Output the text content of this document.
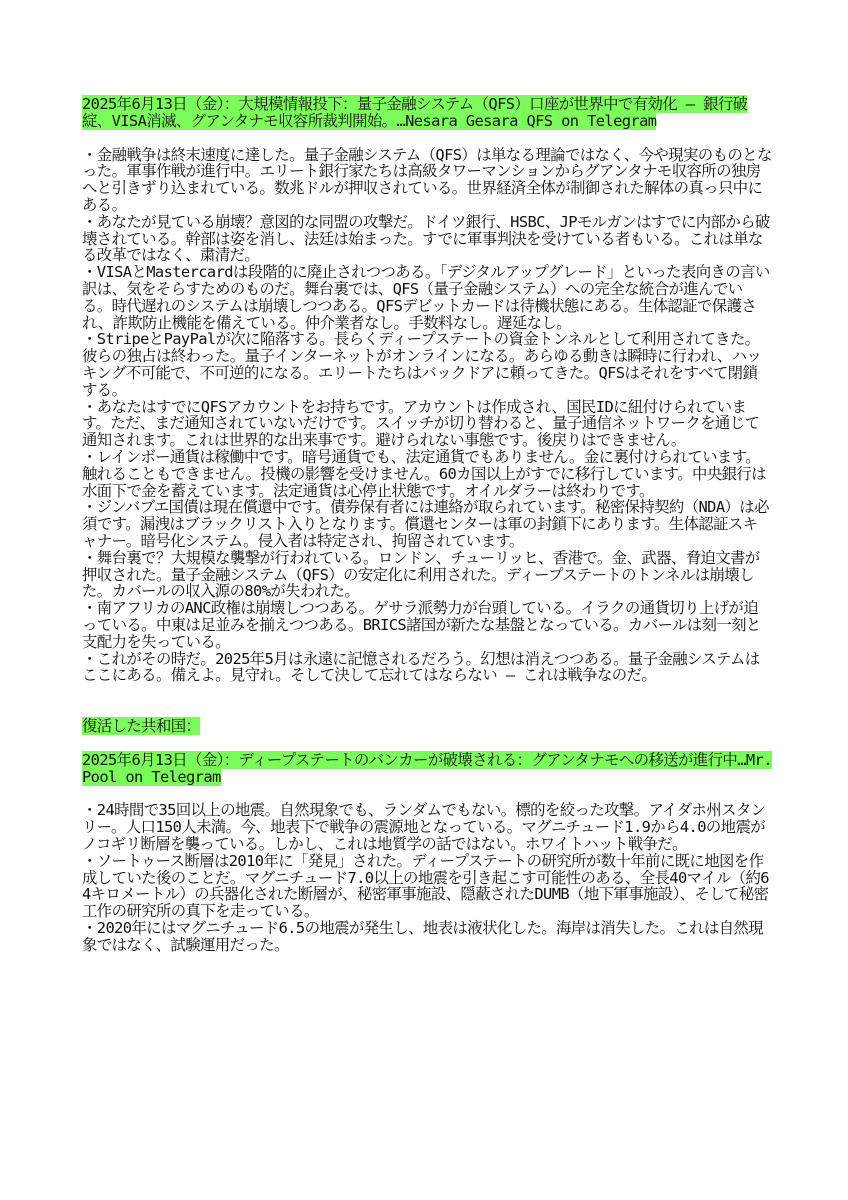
2025年6月13日（金）：大規模情報投下：量子金融システム（QFS）口座が世界中で有効化 ― 銀行破綻、VISA消滅、グアンタナモ収容所裁判開始。…Nesara Gesara QFS on Telegram

・金融戦争は終末速度に達した。量子金融システム（QFS）は単なる理論ではなく、今や現実のものとなった。軍事作戦が進行中。エリート銀行家たちは高級タワーマンションからグアンタナモ収容所の独房へと引きずり込まれている。数兆ドルが押収されている。世界経済全体が制御された解体の真っ只中にある。

・あなたが見ている崩壊？意図的な同盟の攻撃だ。ドイツ銀行、HSBC、JPモルガンはすでに内部から破壊されている。幹部は姿を消し、法廷は始まった。すでに軍事判決を受けている者もいる。これは単なる改革ではなく、粛清だ。

・VISAとMastercardは段階的に廃止されつつある。「デジタルアップグレード」といった表向きの言い訳は、気をそらすためのものだ。舞台裏では、QFS（量子金融システム）への完全な統合が進んでいる。時代遅れのシステムは崩壊しつつある。QFSデビットカードは待機状態にある。生体認証で保護され、詐欺防止機能を備えている。仲介業者なし。手数料なし。遅延なし。

・StripeとPayPalが次に陥落する。長らくディープステートの資金トンネルとして利用されてきた。彼らの独占は終わった。量子インターネットがオンラインになる。あらゆる動きは瞬時に行われ、ハッキング不可能で、不可逆的になる。エリートたちはバックドアに頼ってきた。QFSはそれをすべて閉鎖する。

・あなたはすでにQFSアカウントをお持ちです。アカウントは作成され、国民IDに紐付けられています。ただ、まだ通知されていないだけです。スイッチが切り替わると、量子通信ネットワークを通じて通知されます。これは世界的な出来事です。避けられない事態です。後戻りはできません。

・レインボー通貨は稼働中です。暗号通貨でも、法定通貨でもありません。金に裏付けられています。触れることもできません。投機の影響を受けません。60カ国以上がすでに移行しています。中央銀行は水面下で金を蓄えています。法定通貨は心停止状態です。オイルダラーは終わりです。

・ジンバブエ国債は現在償還中です。債券保有者には連絡が取られています。秘密保持契約（NDA）は必須です。漏洩はブラックリスト入りとなります。償還センターは軍の封鎖下にあります。生体認証スキャナー。暗号化システム。侵入者は特定され、拘留されています。

・舞台裏で？大規模な襲撃が行われている。ロンドン、チューリッヒ、香港で。金、武器、脅迫文書が押収された。量子金融システム（QFS）の安定化に利用された。ディープステートのトンネルは崩壊した。カバールの収入源の80%が失われた。

・南アフリカのANC政権は崩壊しつつある。ゲサラ派勢力が台頭している。イラクの通貨切り上げが迫っている。中東は足並みを揃えつつある。BRICS諸国が新たな基盤となっている。カバールは刻一刻と支配力を失っている。

・これがその時だ。2025年5月は永遠に記憶されるだろう。幻想は消えつつある。量子金融システムはここにある。備えよ。見守れ。そして決して忘れてはならない ― これは戦争なのだ。

復活した共和国：

2025年6月13日（金）：ディープステートのバンカーが破壊される：グアンタナモへの移送が進行中…Mr. Pool on Telegram

・24時間で35回以上の地震。自然現象でも、ランダムでもない。標的を絞った攻撃。アイダホ州スタンリー。人口150人未満。今、地表下で戦争の震源地となっている。マグニチュード1.9から4.0の地震がノコギリ断層を襲っている。しかし、これは地質学の話ではない。ホワイトハット戦争だ。

・ソートゥース断層は2010年に「発見」された。ディープステートの研究所が数十年前に既に地図を作成していた後のことだ。マグニチュード7.0以上の地震を引き起こす可能性のある、全長40マイル（約64キロメートル）の兵器化された断層が、秘密軍事施設、隠蔽されたDUMB（地下軍事施設）、そして秘密工作の研究所の真下を走っている。

・2020年にはマグニチュード6.5の地震が発生し、地表は液状化した。海岸は消失した。これは自然現象ではなく、試験運用だった。
